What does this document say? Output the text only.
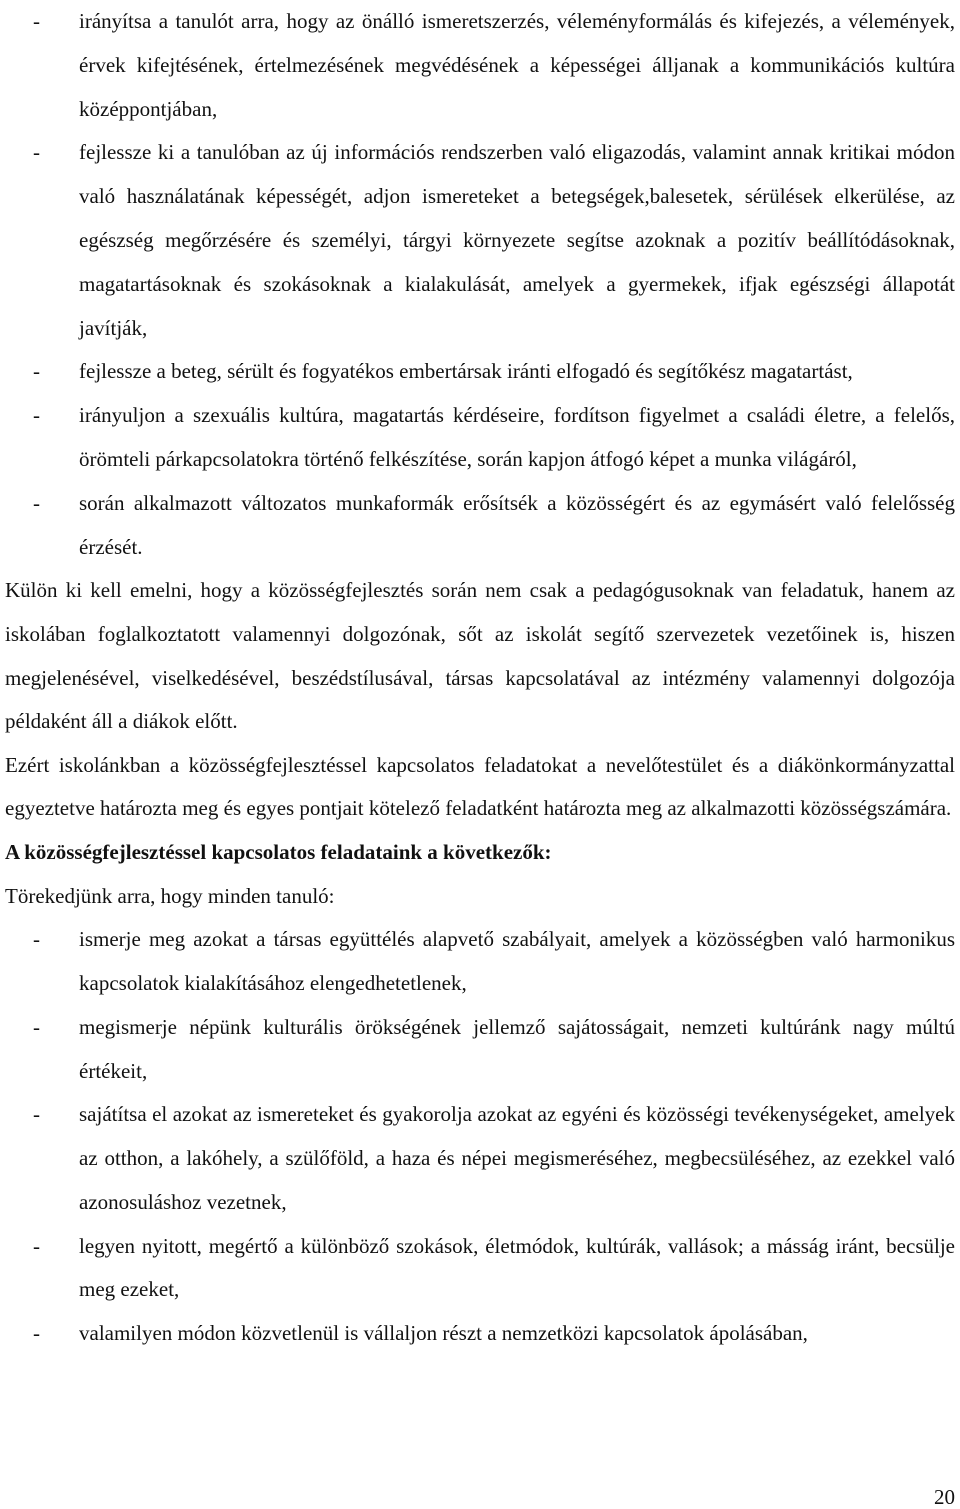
- irányítsa a tanulót arra, hogy az önálló ismeretszerzés, véleményformálás és kifejezés, a vélemények, érvek kifejtésének, értelmezésének megvédésének a képességei álljanak a kommunikációs kultúra középpontjában,
- fejlessze ki a tanulóban az új információs rendszerben való eligazodás, valamint annak kritikai módon való használatának képességét, adjon ismereteket a betegségek,balesetek, sérülések elkerülése, az egészség megőrzésére és személyi, tárgyi környezete segítse azoknak a pozitív beállítódásoknak, magatartásoknak és szokásoknak a kialakulását, amelyek a gyermekek, ifjak egészségi állapotát javítják,
- fejlessze a beteg, sérült és fogyatékos embertársak iránti elfogadó és segítőkész magatartást,
- irányuljon a szexuális kultúra, magatartás kérdéseire, fordítson figyelmet a családi életre, a felelős, örömteli párkapcsolatokra történő felkészítése, során kapjon átfogó képet a munka világáról,
- során alkalmazott változatos munkaformák erősítsék a közösségért és az egymásért való felelősség érzését.

Külön ki kell emelni, hogy a közösségfejlesztés során nem csak a pedagógusoknak van feladatuk, hanem az iskolában foglalkoztatott valamennyi dolgozónak, sőt az iskolát segítő szervezetek vezetőinek is, hiszen megjelenésével, viselkedésével, beszédstílusával, társas kapcsolatával az intézmény valamennyi dolgozója példaként áll a diákok előtt.

Ezért iskolánkban a közösségfejlesztéssel kapcsolatos feladatokat a nevelőtestület és a diákönkormányzattal egyeztetve határozta meg és egyes pontjait kötelező feladatként határozta meg az alkalmazotti közösségszámára.

A közösségfejlesztéssel kapcsolatos feladataink a következők:

Törekedjünk arra, hogy minden tanuló:

- ismerje meg azokat a társas együttélés alapvető szabályait, amelyek a közösségben való harmonikus kapcsolatok kialakításához elengedhetetlenek,
- megismerje népünk kulturális örökségének jellemző sajátosságait, nemzeti kultúránk nagy múltú értékeit,
- sajátítsa el azokat az ismereteket és gyakorolja azokat az egyéni és közösségi tevékenységeket, amelyek az otthon, a lakóhely, a szülőföld, a haza és népei megismeréséhez, megbecsüléséhez, az ezekkel való azonosuláshoz vezetnek,
- legyen nyitott, megértő a különböző szokások, életmódok, kultúrák, vallások; a másság iránt, becsülje meg ezeket,
- valamilyen módon közvetlenül is vállaljon részt a nemzetközi kapcsolatok ápolásában,
20
